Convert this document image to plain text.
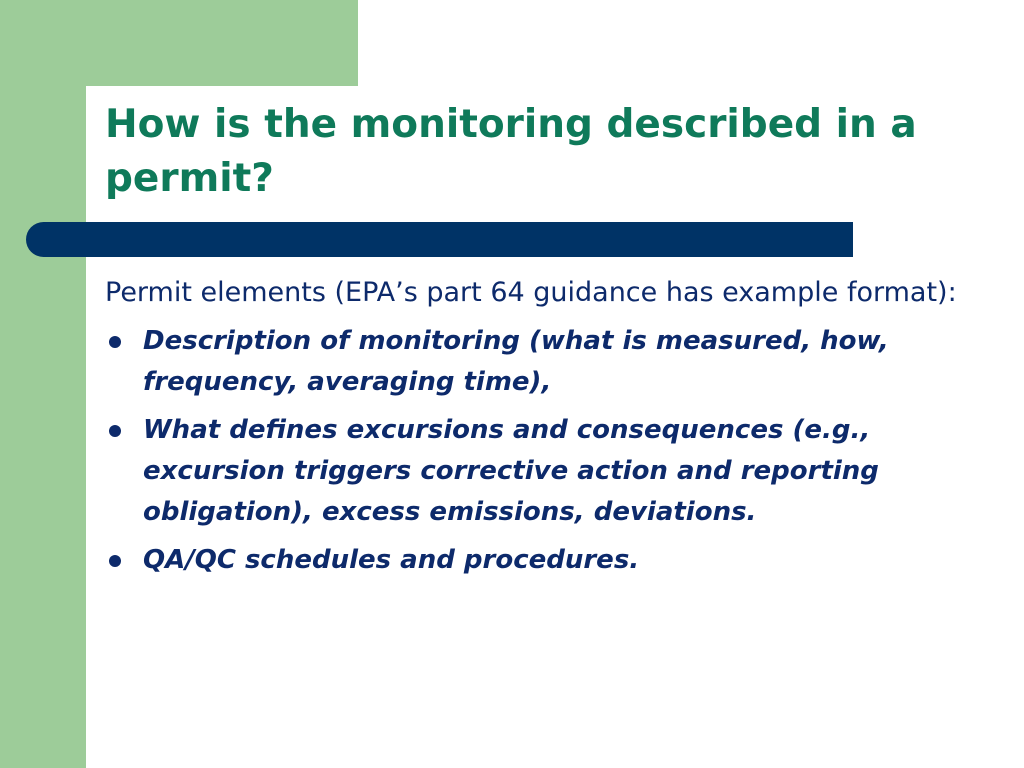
How is the monitoring described in a permit?

Permit elements (EPA’s part 64 guidance has example format):

Description of monitoring (what is measured, how, frequency, averaging time),
What defines excursions and consequences (e.g., excursion triggers corrective action and reporting obligation), excess emissions, deviations.
QA/QC schedules and procedures.
